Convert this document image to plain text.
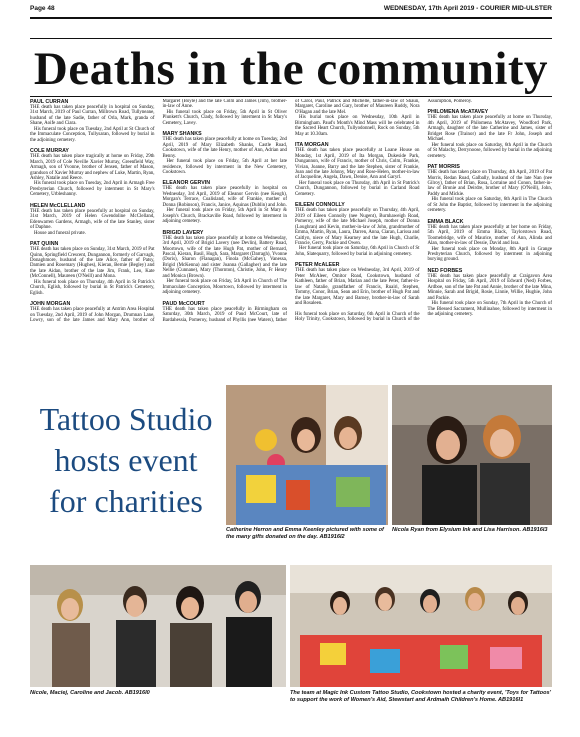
Page 48	WEDNESDAY, 17th April 2019 - COURIER MID-ULSTER
Deaths in the community
PAUL CURRAN

THE death has taken place peacefully in hospital on Sunday, 31st March, 2019 of Paul Curran, Millrown Road, Tullyneane, husband of the late Sadie, father of Orla, Mark, granda of Shane, Aoife and Ciara.

His funeral took place on Tuesday, 2nd April at St Church of the Immaculate Conception, Tullysaran, followed by burial in the adjoining cemetery.

COLE MURRAY

THE death has taken place tragically at home on Friday, 29th March, 2019 of Cole Neville Xavier Murray, Greenfield Way, Armagh, son of Yvonne, brother of Jensen, father of Mason, grandson of Xavier Murray and nephew of Luke, Martin, Ryan, Ashley, Natalie and Reece.

His funeral took place on Tuesday, 2nd April in Armagh Free Presbyterian Church, followed by interment in St Mary's Cemetery, Urbleshanny.

HELEN McCLELLAND

THE death has taken place peacefully at hospital on Sunday, 31st March, 2019 of Helen Gwendoline McClelland, Edenwarren Gardens, Armagh, wife of the late Stanley, sister of Daphne.

House and funeral private.

PAT QUINN

THE death has taken place on Sunday, 31st March, 2019 of Pat Quinn, Springfield Crescent, Dungannon, formerly of Garvagh, Donaghmore, husband of the late Alice, father of Patsy, Damien and Rosemary (Hughes), Kieran, Bernie (Begley) and the late Aidan, brother of the late Jim, Frank, Leo, Kate (McConnell), Maureen (O'Neill) and Mona.

His funeral took place on Thursday, 4th April in St Patrick's Church, Eglish, followed by burial in St Patrick's Cemetery, Eglish.

JOHN MORGAN

THE death has taken place peacefully at Antrim Area Hospital on Tuesday, 2nd April, 2019 of John Morgan, Drumnan Lane, Lowry, son of the late James and Mary Ann, brother of Margaret (Boyle) and the late Colm and James (Jim), brother-in-law of Anne.

His funeral took place on Friday, 5th April in St Oliver Plunkett's Church, Clady, followed by interment in St Mary's Cemetery, Lavey.

MARY SHANKS

THE death has taken place peacefully at home on Tuesday, 2nd April, 2019 of Mary Elizabeth Shanks, Castle Road, Cookstown, wife of the late Henry, mother of Ann, Adrian and Benny.

Her funeral took place on Friday, 5th April at her late residence, followed by interment in the New Cemetery, Cookstown.

ELEANOR GERVIN

THE death has taken place peacefully in hospital on Wednesday, 3rd April, 2019 of Eleanor Gervin (nee Keogh), Morgan's Terrace, Coalisland, wife of Frankie, mother of Donna (Robinson), Francis, Janice, Aquinas (Dublin) and John.

Her funeral took place on Friday, 5th April in St Mary & Joseph's Church, Brackaville Road, followed by interment in adjoining cemetery.

BRIGID LAVERY

THE death has taken place peacefully at home on Wednesday, 3rd April, 2019 of Brigid Lavery (nee Devlin), Battery Road, Moortown, wife of the late Hugh Pat, mother of Bernard, Pascal, Kieran, Basil, Hugh, Sara, Margaret (Darragh), Yvonne (Doris), Sharon (Flanagan), Finola (McGahey), Vanessa, Brigid (McKenna) and sister Joanna (Gallagher) and the late Nellie (Cunnane), Mary (Thornton), Christie, John, Fr Henry and Monica (Brown).

Her funeral took place on Friday, 5th April in Church of The Immaculate Conception, Moortown, followed by interment in adjoining cemetery.

PAUD McCOURT

THE death has taken place peacefully in Birmingham on Saturday, 30th March, 2019 of Paud McCourt, late of Bardahessia, Pomeroy, husband of Phyllis (nee Waters), father of Carol, Paul, Patrick and Michelle, father-in-law of Shaun, Margaret, Caroline and Gary, brother of Maureen Ruddy, Nora O'Hagan and the late Mel.

His burial took place on Wednesday, 10th April in Birmingham. Paud's Month's Mind Mass will be celebrated in the Sacred Heart Church, Tullyodonnell, Rock on Sunday, 5th May at 10.30am.

ITA MORGAN

THE death has taken place peacefully at Loane House on Monday, 1st April, 2019 of Ita Morgan, Dukeside Park, Dungannon, wife of Francis, mother of Chris, Colm, Frankie, Vivian, Joanne, Barry and the late Stephen, sister of Frankie, Joan and the late Johnny, May and Rose-Helen, mother-in-law of Jacqueline, Angela, Dawn, Denise, Ann and Garyrl.

Her funeral took place on Thursday, 4th April in St Patrick's Church, Dungannon, followed by burial in Carland Road Cemetery.

EILEEN CONNOLLY

THE death has taken place peacefully on Thursday, 4th April, 2019 of Eileen Connolly (nee Nugent), Burnhaweigh Road, Pomeroy, wife of the late Michael Joseph, mother of Donna (Loughran) and Kevin, mother-in-law of John, grandmother of Emma, Martin, Ryan, Laura, Darren, Anna, Ciaran, Larissa and Caitlyn, niece of Mary Kearney and the late Hugh, Charlie, Francie, Gerry, Packie and Owen.

Her funeral took place on Saturday, 6th April in Church of St John, Slatequarry, followed by burial in adjoining cemetery.

PETER McALEER

THE death has taken place on Wednesday, 3rd April, 2019 of Peter McAleer, Omitor Road, Cookstown, husband of Kathleen, father of Brian, Marian and the late Peter, father-in-law of Natalie, grandfather of Francis, Ruairi, Stephen, Tommy, Conor, Brian, Sean and Erin, brother of Hugh Pat and the late Margaret, Mary and Barney, brother-in-law of Sarah and Rosaleen.

His funeral took place on Saturday, 6th April in Church of the Holy Trinity, Cookstown, followed by burial in Church of the Assumption, Pomeroy.

PHILOMENA McATAVEY

THE death has taken place peacefully at home on Thursday, 4th April, 2019 of Philomena McAtavey, Woodford Park, Armagh, daughter of the late Catherine and James, sister of Bridget Rose (Trainor) and the late Fr John, Joseph and Michael.

Her funeral took place on Saturday, 6th April in the Church of St Malachy, Derrynoose, followed by burial in the adjoining cemetery.

PAT MORRIS

THE death has taken place on Thursday, 4th April, 2019 of Pat Morris, Redan Road, Galbally, husband of the late Nan (nee Gilroy), father of Brian, Rosa, Lorraine and Conon, father-in-law of Bronie and Deirdre, brother of Mary (O'Neill), John, Paddy and Mickie.

His funeral took place on Saturday, 6th April in The Church of St John the Baptist, followed by interment in the adjoining cemetery.

EMMA BLACK

THE death has taken place peacefully at her home on Friday, 5th April, 2019 of Emma Black, Taylorstown Road, Toomebridge, wife of Maurice, mother of Ann, Alinda and Alan, mother-in-law of Dessie, David and Issa.

Her funeral took place on Monday, 8th April in Grange Presbyterian Church, followed by interment in adjoining burying ground.

NED FORBES

THE death has taken place peacefully at Craigavon Area Hospital on Friday, 5th April, 2019 of Edward (Ned) Forbes, Ardboe, son of the late Pat and Annie, brother of the late Mina, Minnie, Sarah and Brigid, Rosie, Linnie, Willie, Hughie, John and Packie.

His funeral took place on Sunday, 7th April in the Church of The Blessed Sacrament, Mullinahoe, followed by interment in the adjoining cemetery.

Tattoo Studio
hosts event
for charities
Catherine Herron and Emma Keenley pictured with some of the many gifts donated on the day. AB1916I2
Nicola Ryan from Elysium Ink and Lisa Harrison. AB1916I3
Nicole, Maciej, Caroline and Jacob. AB1916I0	The team at Magic Ink Custom Tattoo Studio, Cookstown hosted a charity event, 'Toys for Tattoos' to support the work of Women's Aid, Stewstart and Ardmaih Children's Home. AB1916I1
